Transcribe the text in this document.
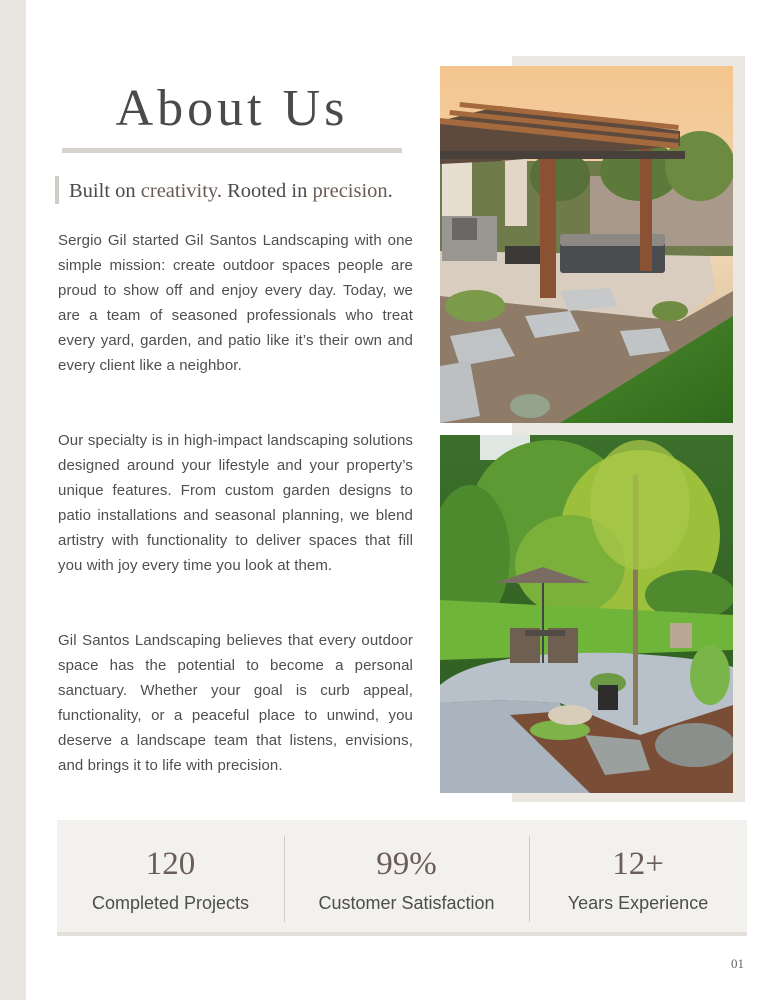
About Us
Built on creativity. Rooted in precision.

Sergio Gil started Gil Santos Landscaping with one simple mission: create outdoor spaces people are proud to show off and enjoy every day. Today, we are a team of seasoned professionals who treat every yard, garden, and patio like it’s their own and every client like a neighbor.

Our specialty is in high-impact landscaping solutions designed around your lifestyle and your property’s unique features. From custom garden designs to patio installations and seasonal planning, we blend artistry with functionality to deliver spaces that fill you with joy every time you look at them.

Gil Santos Landscaping believes that every outdoor space has the potential to become a personal sanctuary. Whether your goal is curb appeal, functionality, or a peaceful place to unwind, you deserve a landscape team that listens, envisions, and brings it to life with precision.

120
Completed Projects
99%
Customer Satisfaction
12+
Years Experience
01
